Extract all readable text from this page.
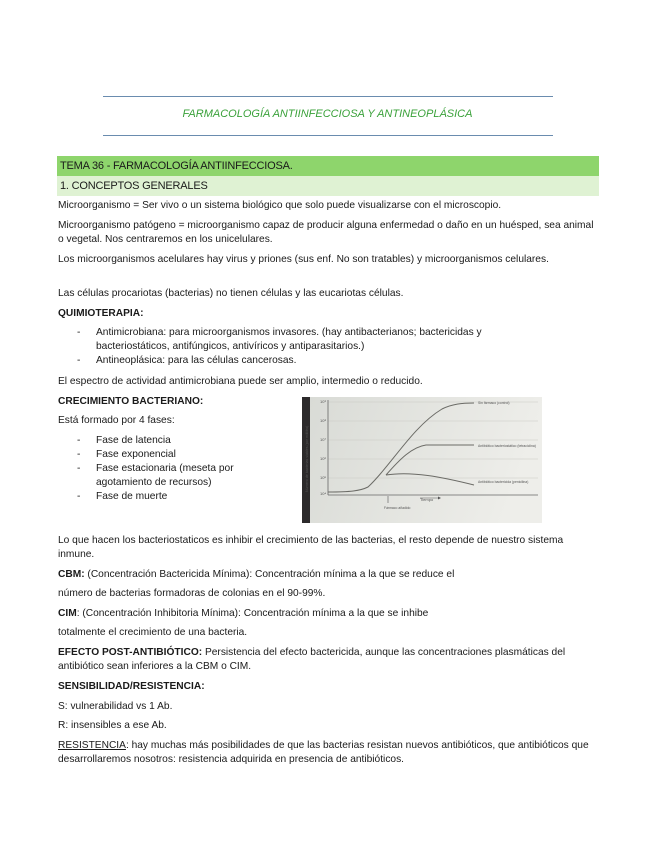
FARMACOLOGÍA ANTIINFECCIOSA Y ANTINEOPLÁSICA
TEMA 36 - FARMACOLOGÍA ANTIINFECCIOSA.
1. CONCEPTOS GENERALES
Microorganismo = Ser vivo o un sistema biológico que solo puede visualizarse con el microscopio.
Microorganismo patógeno = microorganismo capaz de producir alguna enfermedad o daño en un huésped, sea animal o vegetal. Nos centraremos en los unicelulares.
Los microorganismos acelulares hay virus y priones (sus enf. No son tratables) y microorganismos celulares.
Las células procariotas (bacterias) no tienen células y las eucariotas células.
QUIMIOTERAPIA:
- Antimicrobiana: para microorganismos invasores. (hay antibacterianos; bactericidas y bacteriostáticos, antifúngicos, antivíricos y antiparasitarios.)
- Antineoplásica: para las células cancerosas.
El espectro de actividad antimicrobiana puede ser amplio, intermedio o reducido.
CRECIMIENTO BACTERIANO:
Está formado por 4 fases:
- Fase de latencia
- Fase exponencial
- Fase estacionaria (meseta por agotamiento de recursos)
- Fase de muerte
10⁹
10⁸
10⁷
10⁶
10⁵
10⁴
Número de bacterias viables (por mililitro)
Tiempo
Fármaco añadido
Sin fármaco (control)
Antibiótico bacteriostático (tetraciclina)
Antibiótico bactericida (penicilina)
Lo que hacen los bacteriostaticos es inhibir el crecimiento de las bacterias, el resto depende de nuestro sistema inmune.
CBM: (Concentración Bactericida Mínima): Concentración mínima a la que se reduce el
número de bacterias formadoras de colonias en el 90-99%.
CIM: (Concentración Inhibitoria Mínima): Concentración mínima a la que se inhibe
totalmente el crecimiento de una bacteria.
EFECTO POST-ANTIBIÓTICO: Persistencia del efecto bactericida, aunque las concentraciones plasmáticas del antibiótico sean inferiores a la CBM o CIM.
SENSIBILIDAD/RESISTENCIA:
S: vulnerabilidad vs 1 Ab.
R: insensibles a ese Ab.
RESISTENCIA: hay muchas más posibilidades de que las bacterias resistan nuevos antibióticos, que antibióticos que desarrollaremos nosotros: resistencia adquirida en presencia de antibióticos.
